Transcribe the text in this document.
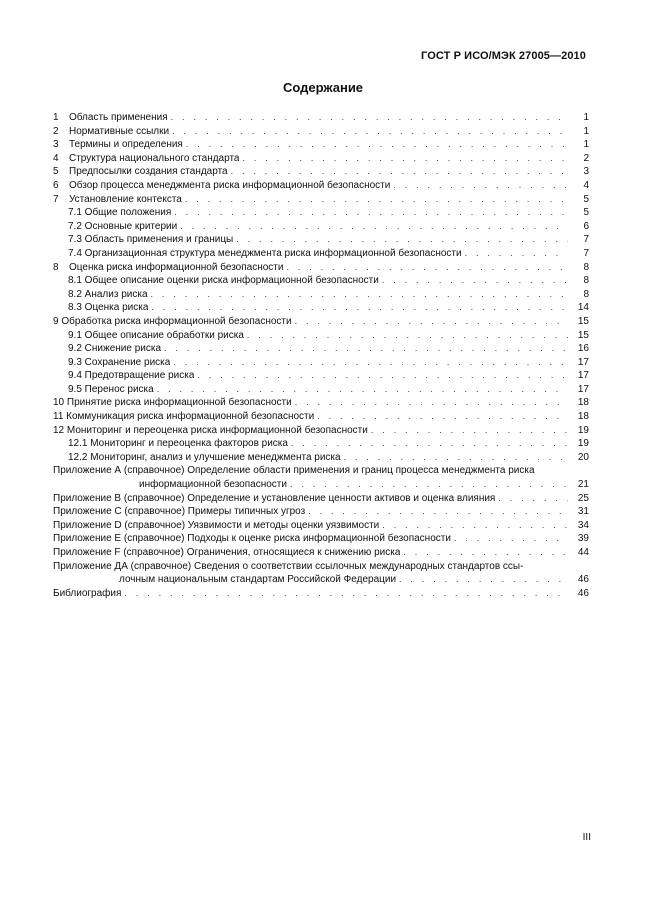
ГОСТ Р ИСО/МЭК 27005—2010
Содержание
1	Область применения . . .	1
2	Нормативные ссылки . . .	1
3	Термины и определения . . .	1
4	Структура национального стандарта . . .	2
5	Предпосылки создания стандарта . . .	3
6	Обзор процесса менеджмента риска информационной безопасности . . .	4
7	Установление контекста . . .	5
7.1 Общие положения . . .	5
7.2 Основные критерии . . .	6
7.3 Область применения и границы . . .	7
7.4 Организационная структура менеджмента риска информационной безопасности . . .	7
8	Оценка риска информационной безопасности . . .	8
8.1 Общее описание оценки риска информационной безопасности . . .	8
8.2 Анализ риска . . .	8
8.3 Оценка риска . . .	14
9 Обработка риска информационной безопасности . . .	15
9.1 Общее описание обработки риска . . .	15
9.2 Снижение риска . . .	16
9.3 Сохранение риска . . .	17
9.4 Предотвращение риска . . .	17
9.5 Перенос риска . . .	17
10 Принятие риска информационной безопасности . . .	18
11 Коммуникация риска информационной безопасности . . .	18
12 Мониторинг и переоценка риска информационной безопасности . . .	19
12.1 Мониторинг и переоценка факторов риска . . .	19
12.2 Мониторинг, анализ и улучшение менеджмента риска . . .	20
Приложение А (справочное) Определение области применения и границ процесса менеджмента риска
информационной безопасности . . .	21
Приложение В (справочное) Определение и установление ценности активов и оценка влияния . . .	25
Приложение С (справочное) Примеры типичных угроз . . .	31
Приложение D (справочное) Уязвимости и методы оценки уязвимости . . .	34
Приложение Е (справочное) Подходы к оценке риска информационной безопасности . . .	39
Приложение F (справочное) Ограничения, относящиеся к снижению риска . . .	44
Приложение ДА (справочное) Сведения о соответствии ссылочных международных стандартов ссы-
лочным национальным стандартам Российской Федерации . . .	46
Библиография . . .	46
III
